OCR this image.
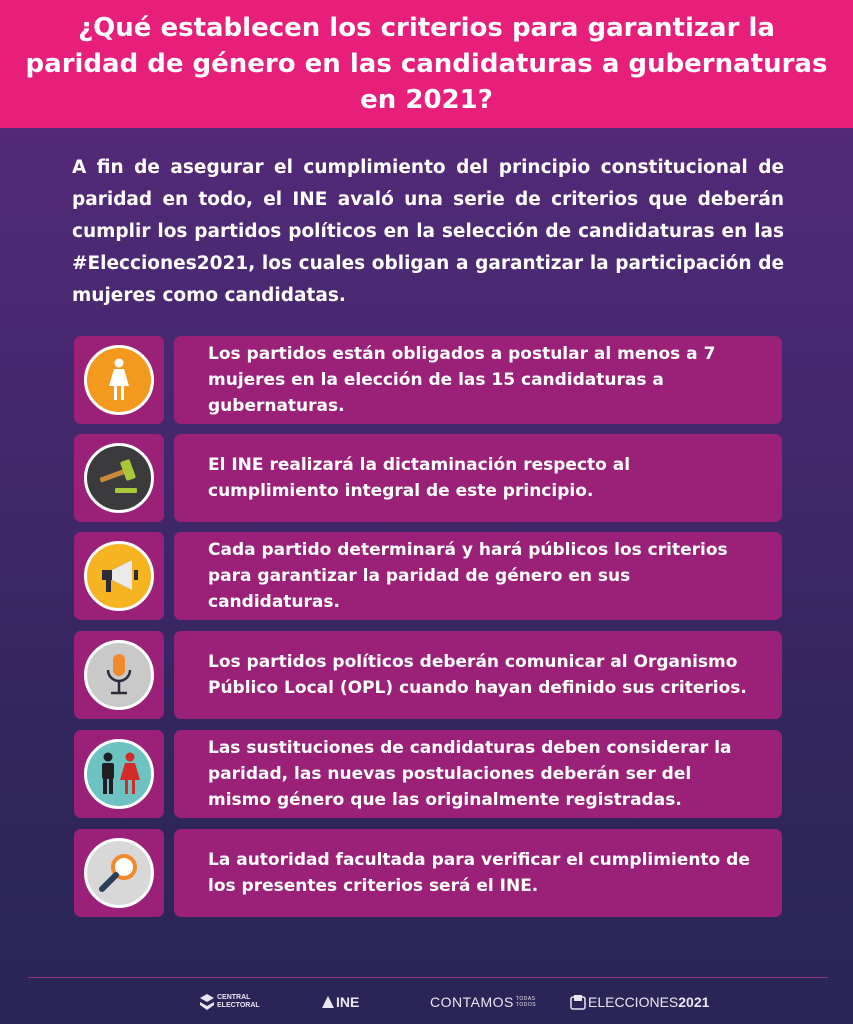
¿Qué establecen los criterios para garantizar la paridad de género en las candidaturas a gubernaturas en 2021?

A fin de asegurar el cumplimiento del principio constitucional de paridad en todo, el INE avaló una serie de criterios que deberán cumplir los partidos políticos en la selección de candidaturas en las #Elecciones2021, los cuales obligan a garantizar la participación de mujeres como candidatas.

Los partidos están obligados a postular al menos a 7 mujeres en la elección de las 15 candidaturas a gubernaturas.

El INE realizará la dictaminación respecto al cumplimiento integral de este principio.

Cada partido determinará y hará públicos los criterios para garantizar la paridad de género en sus candidaturas.

Los partidos políticos deberán comunicar al Organismo Público Local (OPL) cuando hayan definido sus criterios.

Las sustituciones de candidaturas deben considerar la paridad, las nuevas postulaciones deberán ser del mismo género que las originalmente registradas.

La autoridad facultada para verificar el cumplimiento de los presentes criterios será el INE.

CENTRAL
ELECTORAL	INE	CONTAMOS TODAS
TODOS	ELECCIONES 2021
